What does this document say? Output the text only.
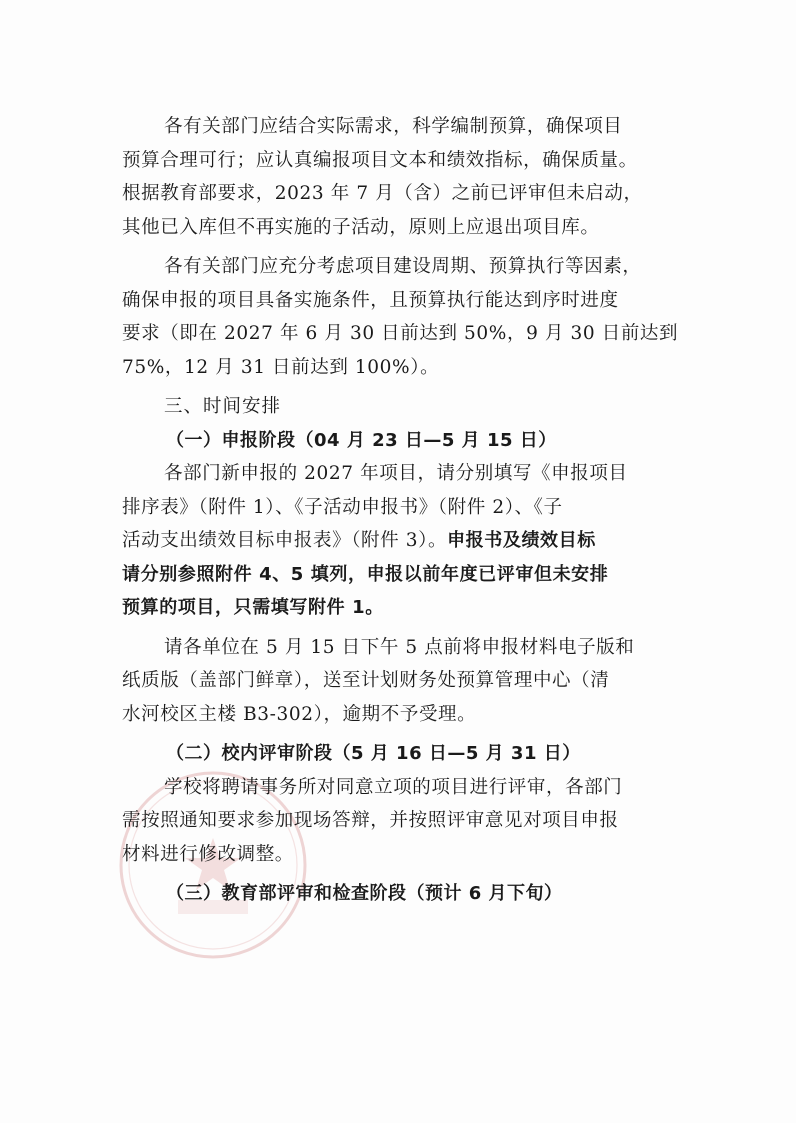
各有关部门应结合实际需求，科学编制预算，确保项目
预算合理可行；应认真编报项目文本和绩效指标，确保质量。
根据教育部要求，2023 年 7 月（含）之前已评审但未启动，
其他已入库但不再实施的子活动，原则上应退出项目库。
各有关部门应充分考虑项目建设周期、预算执行等因素，
确保申报的项目具备实施条件，且预算执行能达到序时进度
要求（即在 2027 年 6 月 30 日前达到 50%，9 月 30 日前达到
75%，12 月 31 日前达到 100%）。
三、时间安排
（一）申报阶段（04 月 23 日—5 月 15 日）
各部门新申报的 2027 年项目，请分别填写《申报项目
排序表》（附件 1）、《子活动申报书》（附件 2）、《子
活动支出绩效目标申报表》（附件 3）。申报书及绩效目标
请分别参照附件 4、5 填列，申报以前年度已评审但未安排
预算的项目，只需填写附件 1。
请各单位在 5 月 15 日下午 5 点前将申报材料电子版和
纸质版（盖部门鲜章），送至计划财务处预算管理中心（清
水河校区主楼 B3-302），逾期不予受理。
（二）校内评审阶段（5 月 16 日—5 月 31 日）
学校将聘请事务所对同意立项的项目进行评审，各部门
需按照通知要求参加现场答辩，并按照评审意见对项目申报
材料进行修改调整。
（三）教育部评审和检查阶段（预计 6 月下旬）
